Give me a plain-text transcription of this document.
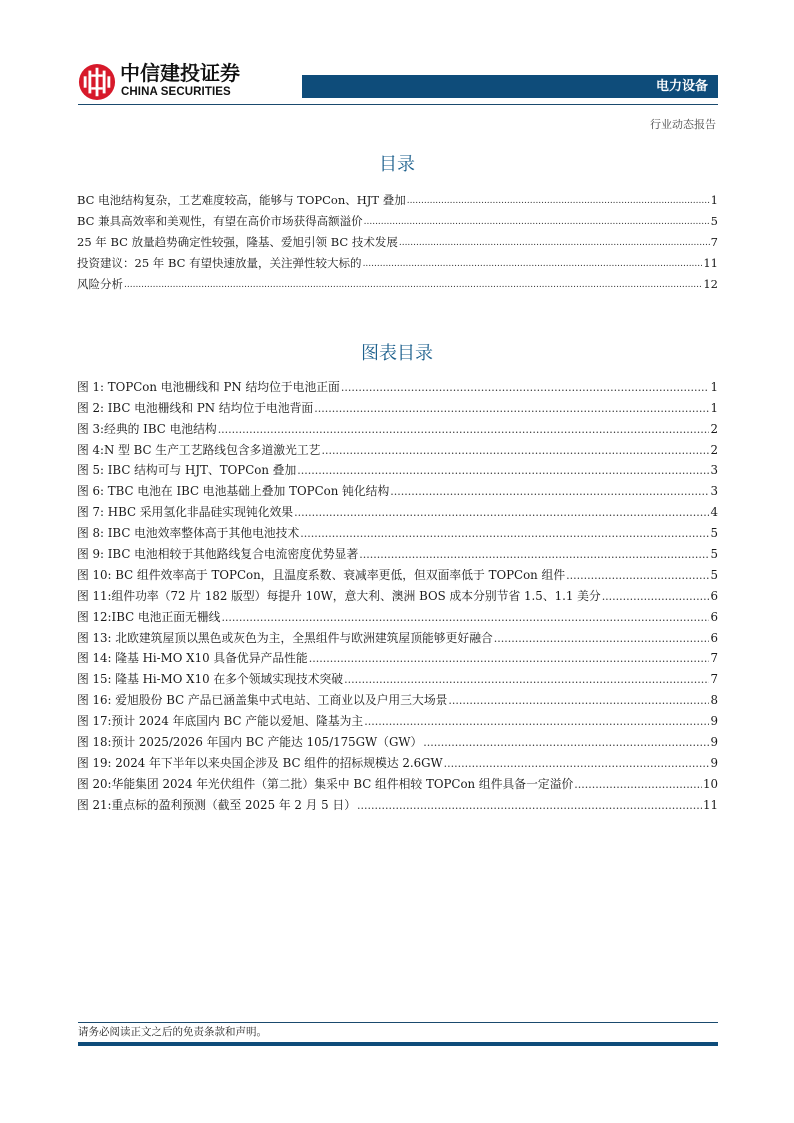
中信建投证券
CHINA SECURITIES	电力设备
行业动态报告
目录
BC 电池结构复杂，工艺难度较高，能够与 TOPCon、HJT 叠加 .....	1
BC 兼具高效率和美观性，有望在高价市场获得高额溢价 .....	5
25 年 BC 放量趋势确定性较强，隆基、爱旭引领 BC 技术发展 .....	7
投资建议：25 年 BC 有望快速放量，关注弹性较大标的 .....	11
风险分析 .....	12
图表目录
图 1: TOPCon 电池栅线和 PN 结均位于电池正面 .....	1
图 2: IBC 电池栅线和 PN 结均位于电池背面 .....	1
图 3:经典的 IBC 电池结构 .....	2
图 4:N 型 BC 生产工艺路线包含多道激光工艺 .....	2
图 5: IBC 结构可与 HJT、TOPCon 叠加 .....	3
图 6: TBC 电池在 IBC 电池基础上叠加 TOPCon 钝化结构 .....	3
图 7: HBC 采用氢化非晶硅实现钝化效果 .....	4
图 8: IBC 电池效率整体高于其他电池技术 .....	5
图 9: IBC 电池相较于其他路线复合电流密度优势显著 .....	5
图 10: BC 组件效率高于 TOPCon，且温度系数、衰减率更低，但双面率低于 TOPCon 组件 .....	5
图 11:组件功率（72 片 182 版型）每提升 10W，意大利、澳洲 BOS 成本分别节省 1.5、1.1 美分 .....	6
图 12:IBC 电池正面无栅线 .....	6
图 13: 北欧建筑屋顶以黑色或灰色为主，全黑组件与欧洲建筑屋顶能够更好融合 .....	6
图 14: 隆基 Hi-MO X10 具备优异产品性能 .....	7
图 15: 隆基 Hi-MO X10 在多个领域实现技术突破 .....	7
图 16: 爱旭股份 BC 产品已涵盖集中式电站、工商业以及户用三大场景 .....	8
图 17:预计 2024 年底国内 BC 产能以爱旭、隆基为主 .....	9
图 18:预计 2025/2026 年国内 BC 产能达 105/175GW（GW） .....	9
图 19: 2024 年下半年以来央国企涉及 BC 组件的招标规模达 2.6GW .....	9
图 20:华能集团 2024 年光伏组件（第二批）集采中 BC 组件相较 TOPCon 组件具备一定溢价 .....	10
图 21:重点标的盈利预测（截至 2025 年 2 月 5 日） .....	11
请务必阅读正文之后的免责条款和声明。
